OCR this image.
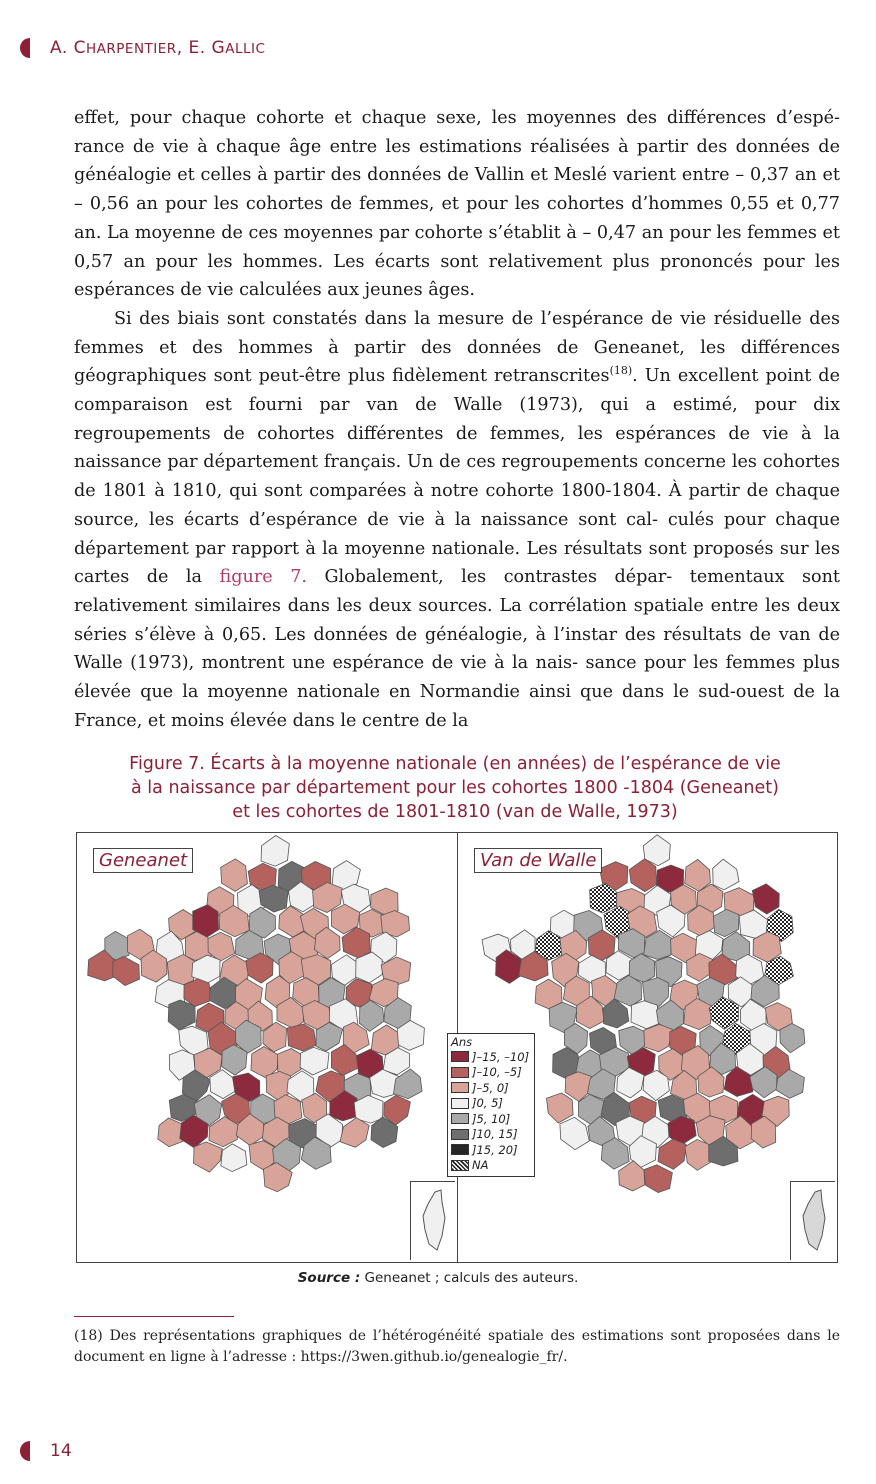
A. CHARPENTIER, E. GALLIC

effet, pour chaque cohorte et chaque sexe, les moyennes des différences d’espé- rance de vie à chaque âge entre les estimations réalisées à partir des données de généalogie et celles à partir des données de Vallin et Meslé varient entre – 0,37 an et – 0,56 an pour les cohortes de femmes, et pour les cohortes d’hommes 0,55 et 0,77 an. La moyenne de ces moyennes par cohorte s’établit à – 0,47 an pour les femmes et 0,57 an pour les hommes. Les écarts sont relativement plus prononcés pour les espérances de vie calculées aux jeunes âges.

Si des biais sont constatés dans la mesure de l’espérance de vie résiduelle des femmes et des hommes à partir des données de Geneanet, les différences géographiques sont peut-être plus fidèlement retranscrites$^{(18)}$. Un excellent point de comparaison est fourni par van de Walle (1973), qui a estimé, pour dix regroupements de cohortes différentes de femmes, les espérances de vie à la naissance par département français. Un de ces regroupements concerne les cohortes de 1801 à 1810, qui sont comparées à notre cohorte 1800-1804. À partir de chaque source, les écarts d’espérance de vie à la naissance sont cal- culés pour chaque département par rapport à la moyenne nationale. Les résultats sont proposés sur les cartes de la figure 7. Globalement, les contrastes dépar- tementaux sont relativement similaires dans les deux sources. La corrélation spatiale entre les deux séries s’élève à 0,65. Les données de généalogie, à l’instar des résultats de van de Walle (1973), montrent une espérance de vie à la nais- sance pour les femmes plus élevée que la moyenne nationale en Normandie ainsi que dans le sud-ouest de la France, et moins élevée dans le centre de la

Figure 7. Écarts à la moyenne nationale (en années) de l’espérance de vie
à la naissance par département pour les cohortes 1800 -1804 (Geneanet)
et les cohortes de 1801-1810 (van de Walle, 1973)
Geneanet	Van de Walle
Ans
]–15, –10]
]–10, –5]
]–5, 0]
]0, 5]
]5, 10]
]10, 15]
]15, 20]
NA
Source : Geneanet ; calculs des auteurs.
(18) Des représentations graphiques de l’hétérogénéité spatiale des estimations sont proposées dans le document en ligne à l’adresse : https://3wen.github.io/genealogie_fr/.
14
